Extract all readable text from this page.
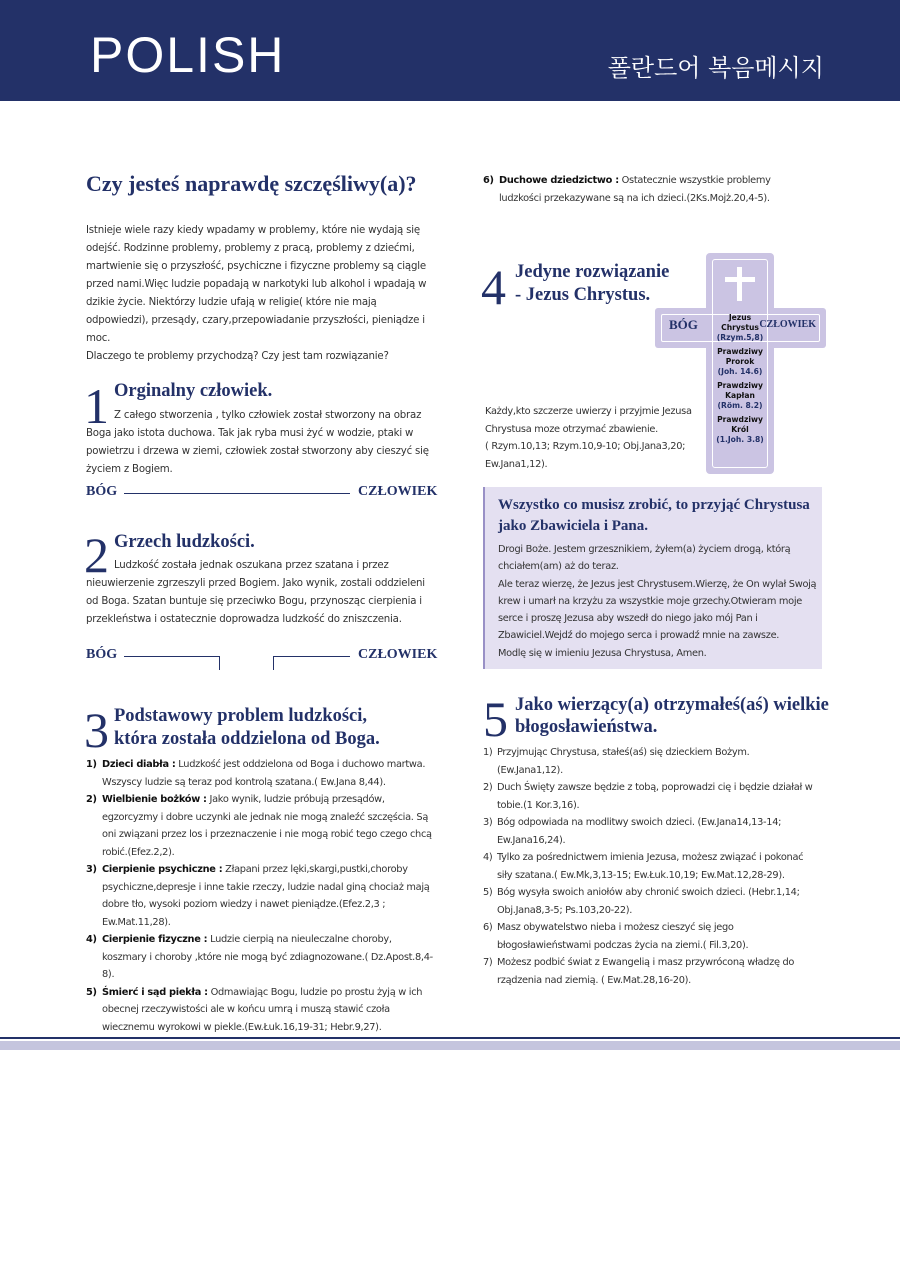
POLISH	폴란드어 복음메시지
Czy jesteś naprawdę szczęśliwy(a)?
Istnieje wiele razy kiedy wpadamy w problemy, które nie wydają się odejść. Rodzinne problemy, problemy z pracą, problemy z dziećmi, martwienie się o przyszłość, psychiczne i fizyczne problemy są ciągle przed nami.Więc ludzie popadają w narkotyki lub alkohol i wpadają w dzikie życie. Niektórzy ludzie ufają w religie( które nie mają odpowiedzi), przesądy, czary,przepowiadanie przyszłości, pieniądze i moc.
Dlaczego te problemy przychodzą? Czy jest tam rozwiązanie?
1 Orginalny człowiek.
Z całego stworzenia , tylko człowiek został stworzony na obraz Boga jako istota duchowa. Tak jak ryba musi żyć w wodzie, ptaki w powietrzu i drzewa w ziemi, człowiek został stworzony aby cieszyć się życiem z Bogiem.
BÓG	CZŁOWIEK
2 Grzech ludzkości.
Ludzkość została jednak oszukana przez szatana i przez nieuwierzenie zgrzeszyli przed Bogiem. Jako wynik, zostali oddzieleni od Boga. Szatan buntuje się przeciwko Bogu, przynosząc cierpienia i przekleństwa i ostatecznie doprowadza ludzkość do zniszczenia.
BÓG	CZŁOWIEK
3 Podstawowy problem ludzkości,
która została oddzielona od Boga.
1) Dzieci diabła : Ludzkość jest oddzielona od Boga i duchowo martwa. Wszyscy ludzie są teraz pod kontrolą szatana.( Ew.Jana 8,44).
2) Wielbienie bożków : Jako wynik, ludzie próbują przesądów, egzorcyzmy i dobre uczynki ale jednak nie mogą znaleźć szczęścia. Są oni związani przez los i przeznaczenie i nie mogą robić tego czego chcą robić.(Efez.2,2).
3) Cierpienie psychiczne : Złapani przez lęki,skargi,pustki,choroby psychiczne,depresje i inne takie rzeczy, ludzie nadal giną chociaż mają dobre tło, wysoki poziom wiedzy i nawet pieniądze.(Efez.2,3 ; Ew.Mat.11,28).
4) Cierpienie fizyczne : Ludzie cierpią na nieuleczalne choroby, koszmary i choroby ,które nie mogą być zdiagnozowane.( Dz.Apost.8,4-8).
5) Śmierć i sąd piekła : Odmawiając Bogu, ludzie po prostu żyją w ich obecnej rzeczywistości ale w końcu umrą i muszą stawić czoła wiecznemu wyrokowi w piekle.(Ew.Łuk.16,19-31; Hebr.9,27).
6) Duchowe dziedzictwo : Ostatecznie wszystkie problemy ludzkości przekazywane są na ich dzieci.(2Ks.Mojż.20,4-5).
4 Jedyne rozwiązanie
- Jezus Chrystus.
Każdy,kto szczerze uwierzy i przyjmie Jezusa Chrystusa moze otrzymać zbawienie.
( Rzym.10,13; Rzym.10,9-10; Obj.Jana3,20; Ew.Jana1,12).
BÓG	CZŁOWIEK
Jezus
Chrystus
(Rzym.5,8)
Prawdziwy
Prorok
(Joh. 14.6)
Prawdziwy
Kapłan
(Röm. 8.2)
Prawdziwy
Król
(1.Joh. 3.8)
Wszystko co musisz zrobić, to przyjąć Chrystusa jako Zbawiciela i Pana.
Drogi Boże. Jestem grzesznikiem, żyłem(a) życiem drogą, którą chciałem(am) aż do teraz.
Ale teraz wierzę, że Jezus jest Chrystusem.Wierzę, że On wylał Swoją krew i umarł na krzyżu za wszystkie moje grzechy.Otwieram moje serce i proszę Jezusa aby wszedł do niego jako mój Pan i Zbawiciel.Wejdź do mojego serca i prowadź mnie na zawsze.
Modlę się w imieniu Jezusa Chrystusa, Amen.
5 Jako wierzący(a) otrzymałeś(aś) wielkie
błogosławieństwa.
1) Przyjmując Chrystusa, stałeś(aś) się dzieckiem Bożym.(Ew.Jana1,12).
2) Duch Święty zawsze będzie z tobą, poprowadzi cię i będzie działał w tobie.(1 Kor.3,16).
3) Bóg odpowiada na modlitwy swoich dzieci. (Ew.Jana14,13-14; Ew.Jana16,24).
4) Tylko za pośrednictwem imienia Jezusa, możesz związać i pokonać siły szatana.( Ew.Mk,3,13-15; Ew.Łuk.10,19; Ew.Mat.12,28-29).
5) Bóg wysyła swoich aniołów aby chronić swoich dzieci. (Hebr.1,14; Obj.Jana8,3-5; Ps.103,20-22).
6) Masz obywatelstwo nieba i możesz cieszyć się jego błogosławieństwami podczas życia na ziemi.( Fil.3,20).
7) Możesz podbić świat z Ewangelią i masz przywróconą władzę do rządzenia nad ziemią. ( Ew.Mat.28,16-20).
